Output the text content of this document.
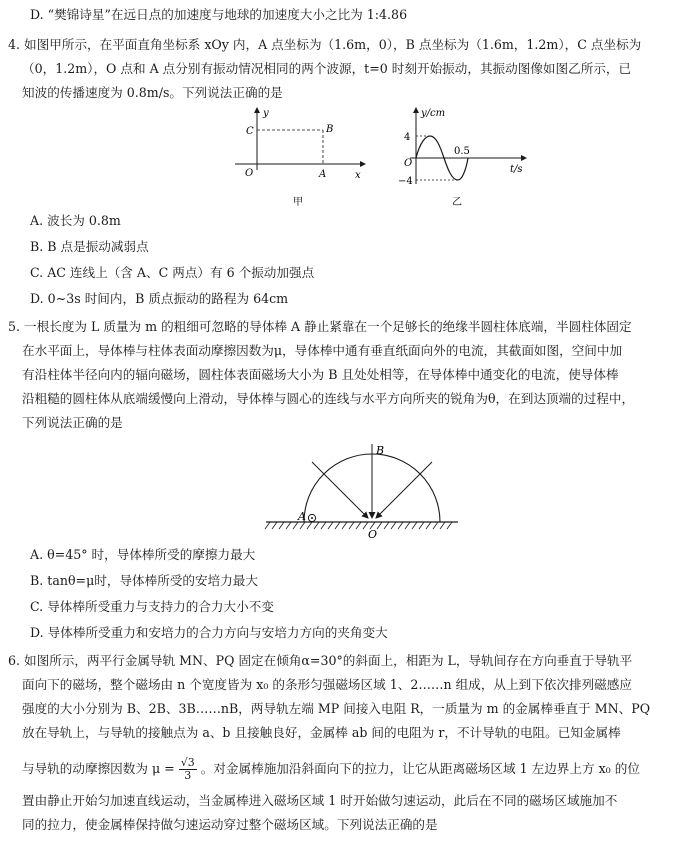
D. “樊锦诗星”在远日点的加速度与地球的加速度大小之比为 1:4.86
4. 如图甲所示，在平面直角坐标系 xOy 内，A 点坐标为（1.6m，0），B 点坐标为（1.6m，1.2m），C 点坐标为
（0，1.2m），O 点和 A 点分别有振动情况相同的两个波源，t=0 时刻开始振动，其振动图像如图乙所示，已
知波的传播速度为 0.8m/s。下列说法正确的是
y
x
O
C	B
A
甲
y/cm
t/s
4
−4
O
0.5
乙
A. 波长为 0.8m
B. B 点是振动减弱点
C. AC 连线上（含 A、C 两点）有 6 个振动加强点
D. 0~3s 时间内，B 质点振动的路程为 64cm
5. 一根长度为 L 质量为 m 的粗细可忽略的导体棒 A 静止紧靠在一个足够长的绝缘半圆柱体底端，半圆柱体固定
在水平面上，导体棒与柱体表面动摩擦因数为μ，导体棒中通有垂直纸面向外的电流，其截面如图，空间中加
有沿柱体半径向内的辐向磁场，圆柱体表面磁场大小为 B 且处处相等，在导体棒中通变化的电流，使导体棒
沿粗糙的圆柱体从底端缓慢向上滑动，导体棒与圆心的连线与水平方向所夹的锐角为θ，在到达顶端的过程中，
下列说法正确的是
B
A
O
A. θ=45° 时，导体棒所受的摩擦力最大
B. tanθ=μ时，导体棒所受的安培力最大
C. 导体棒所受重力与支持力的合力大小不变
D. 导体棒所受重力和安培力的合力方向与安培力方向的夹角变大
6. 如图所示，两平行金属导轨 MN、PQ 固定在倾角α=30°的斜面上，相距为 L，导轨间存在方向垂直于导轨平
面向下的磁场，整个磁场由 n 个宽度皆为 x₀ 的条形匀强磁场区域 1、2……n 组成，从上到下依次排列磁感应
强度的大小分别为 B、2B、3B……nB，两导轨左端 MP 间接入电阻 R，一质量为 m 的金属棒垂直于 MN、PQ
放在导轨上，与导轨的接触点为 a、b 且接触良好，金属棒 ab 间的电阻为 r，不计导轨的电阻。已知金属棒
与导轨的动摩擦因数为 $\mu = \frac{√3}{3}$ 。对金属棒施加沿斜面向下的拉力，让它从距离磁场区域 1 左边界上方 x₀ 的位
置由静止开始匀加速直线运动，当金属棒进入磁场区域 1 时开始做匀速运动，此后在不同的磁场区域施加不
同的拉力，使金属棒保持做匀速运动穿过整个磁场区域。下列说法正确的是
